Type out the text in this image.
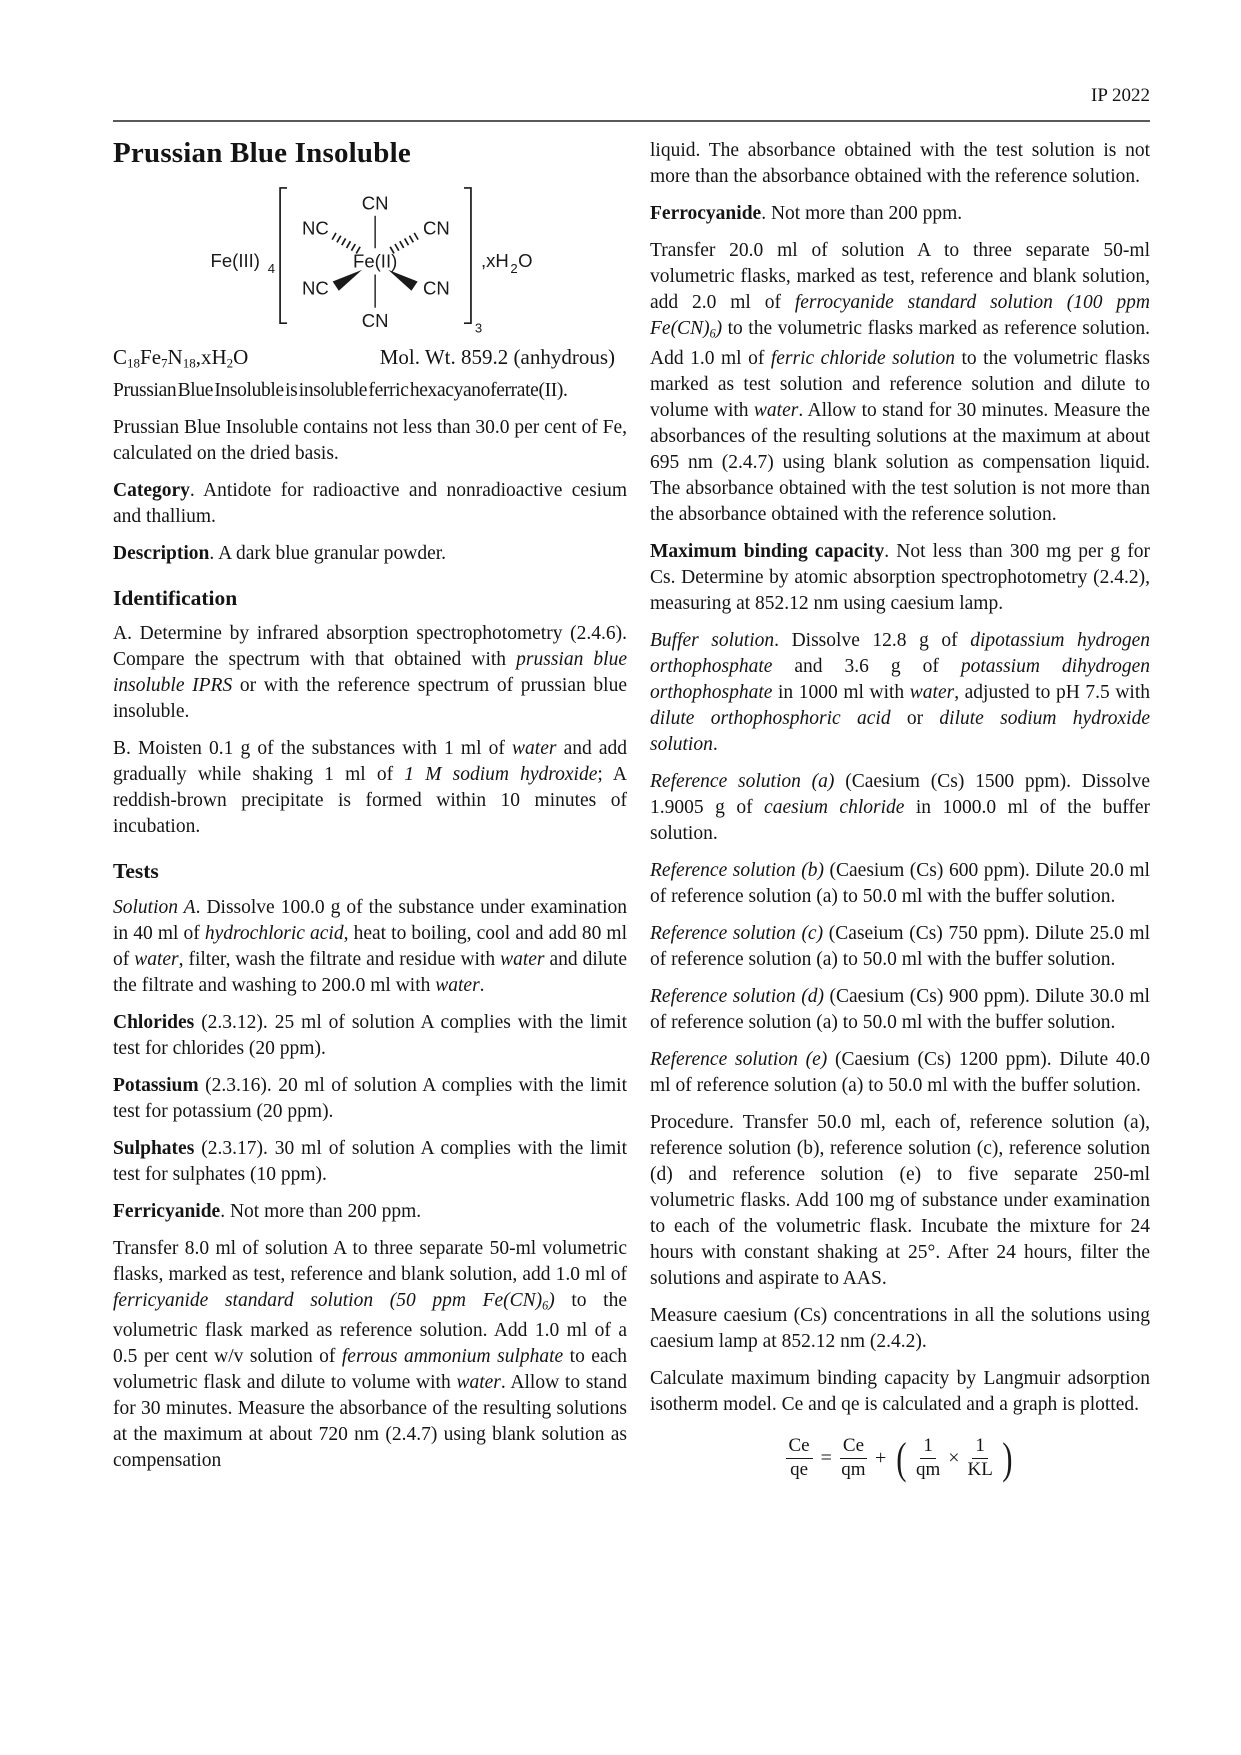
IP 2022
Prussian Blue Insoluble
Fe(III) 4
3
CN
NC	CN
Fe(II)
NC	CN
CN
,xH 2 O
C18Fe7N18,xH2O	Mol. Wt. 859.2 (anhydrous)

Prussian Blue Insoluble is insoluble ferric hexacyanoferrate(II).

Prussian Blue Insoluble contains not less than 30.0 per cent of Fe, calculated on the dried basis.

Category. Antidote for radioactive and nonradioactive cesium and thallium.

Description. A dark blue granular powder.

Identification

A. Determine by infrared absorption spectrophotometry (2.4.6). Compare the spectrum with that obtained with prussian blue insoluble IPRS or with the reference spectrum of prussian blue insoluble.

B. Moisten 0.1 g of the substances with 1 ml of water and add gradually while shaking 1 ml of 1 M sodium hydroxide; A reddish-brown precipitate is formed within 10 minutes of incubation.

Tests

Solution A. Dissolve 100.0 g of the substance under examination in 40 ml of hydrochloric acid, heat to boiling, cool and add 80 ml of water, filter, wash the filtrate and residue with water and dilute the filtrate and washing to 200.0 ml with water.

Chlorides (2.3.12). 25 ml of solution A complies with the limit test for chlorides (20 ppm).

Potassium (2.3.16). 20 ml of solution A complies with the limit test for potassium (20 ppm).

Sulphates (2.3.17). 30 ml of solution A complies with the limit test for sulphates (10 ppm).

Ferricyanide. Not more than 200 ppm.

Transfer 8.0 ml of solution A to three separate 50-ml volumetric flasks, marked as test, reference and blank solution, add 1.0 ml of ferricyanide standard solution (50 ppm Fe(CN)6) to the volumetric flask marked as reference solution. Add 1.0 ml of a 0.5 per cent w/v solution of ferrous ammonium sulphate to each volumetric flask and dilute to volume with water. Allow to stand for 30 minutes. Measure the absorbance of the resulting solutions at the maximum at about 720 nm (2.4.7) using blank solution as compensation

liquid. The absorbance obtained with the test solution is not more than the absorbance obtained with the reference solution.

Ferrocyanide. Not more than 200 ppm.

Transfer 20.0 ml of solution A to three separate 50-ml volumetric flasks, marked as test, reference and blank solution, add 2.0 ml of ferrocyanide standard solution (100 ppm Fe(CN)6) to the volumetric flasks marked as reference solution. Add 1.0 ml of ferric chloride solution to the volumetric flasks marked as test solution and reference solution and dilute to volume with water. Allow to stand for 30 minutes. Measure the absorbances of the resulting solutions at the maximum at about 695 nm (2.4.7) using blank solution as compensation liquid. The absorbance obtained with the test solution is not more than the absorbance obtained with the reference solution.

Maximum binding capacity. Not less than 300 mg per g for Cs. Determine by atomic absorption spectrophotometry (2.4.2), measuring at 852.12 nm using caesium lamp.

Buffer solution. Dissolve 12.8 g of dipotassium hydrogen orthophosphate and 3.6 g of potassium dihydrogen orthophosphate in 1000 ml with water, adjusted to pH 7.5 with dilute orthophosphoric acid or dilute sodium hydroxide solution.

Reference solution (a) (Caesium (Cs) 1500 ppm). Dissolve 1.9005 g of caesium chloride in 1000.0 ml of the buffer solution.

Reference solution (b) (Caesium (Cs) 600 ppm). Dilute 20.0 ml of reference solution (a) to 50.0 ml with the buffer solution.

Reference solution (c) (Caseium (Cs) 750 ppm). Dilute 25.0 ml of reference solution (a) to 50.0 ml with the buffer solution.

Reference solution (d) (Caesium (Cs) 900 ppm). Dilute 30.0 ml of reference solution (a) to 50.0 ml with the buffer solution.

Reference solution (e) (Caesium (Cs) 1200 ppm). Dilute 40.0 ml of reference solution (a) to 50.0 ml with the buffer solution.

Procedure. Transfer 50.0 ml, each of, reference solution (a), reference solution (b), reference solution (c), reference solution (d) and reference solution (e) to five separate 250-ml volumetric flasks. Add 100 mg of substance under examination to each of the volumetric flask. Incubate the mixture for 24 hours with constant shaking at 25°. After 24 hours, filter the solutions and aspirate to AAS.

Measure caesium (Cs) concentrations in all the solutions using caesium lamp at 852.12 nm (2.4.2).

Calculate maximum binding capacity by Langmuir adsorption isotherm model. Ce and qe is calculated and a graph is plotted.

$\frac{Ce}{qe} = \frac{Ce}{qm}$ + ( $\frac{1}{qm} \times \frac{1}{KL}$ )
